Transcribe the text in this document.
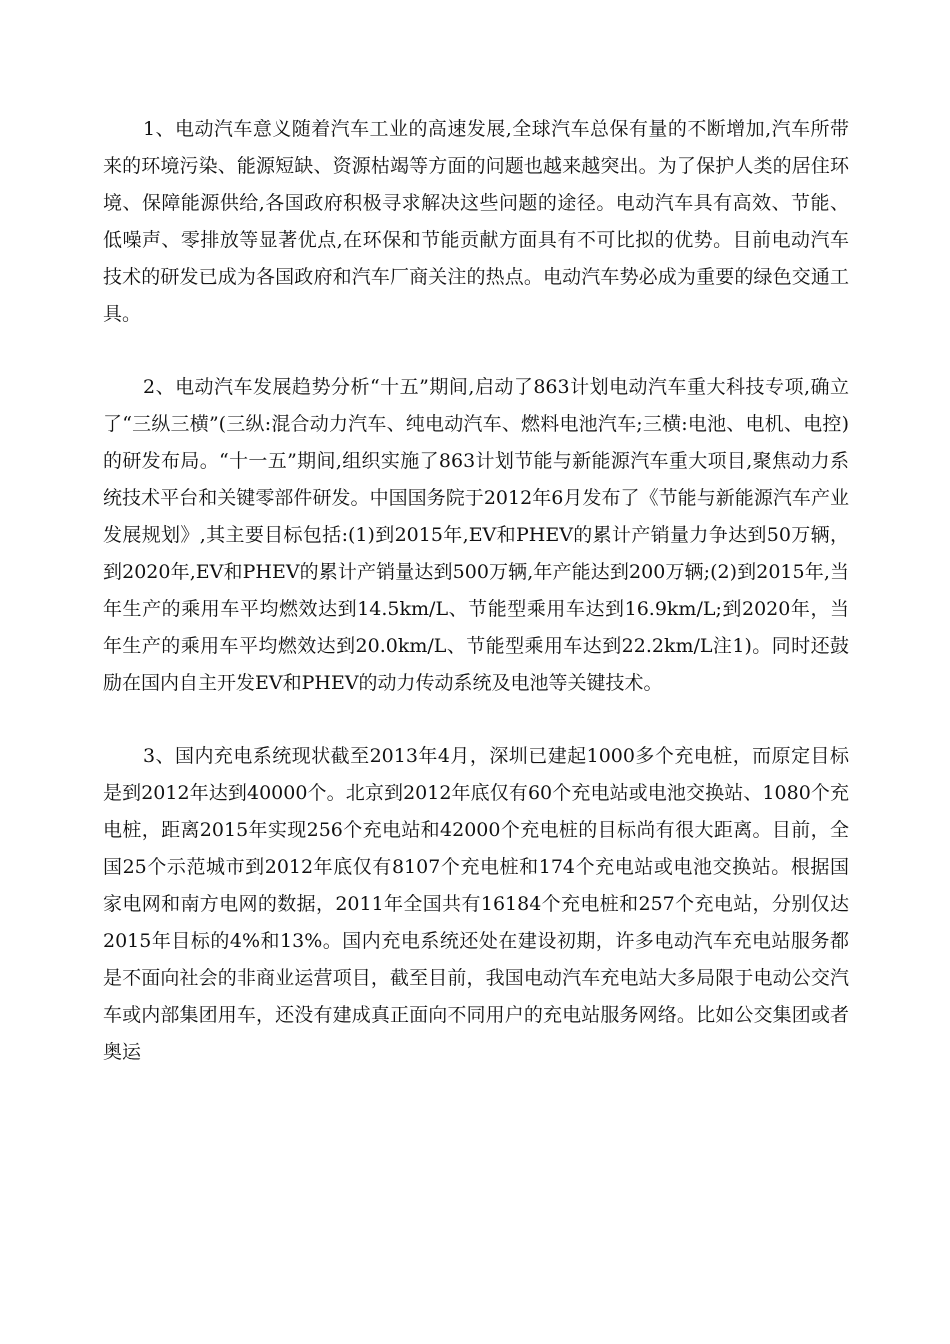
1、电动汽车意义随着汽车工业的高速发展,全球汽车总保有量的不断增加,汽车所带来的环境污染、能源短缺、资源枯竭等方面的问题也越来越突出。为了保护人类的居住环境、保障能源供给,各国政府积极寻求解决这些问题的途径。电动汽车具有高效、节能、低噪声、零排放等显著优点,在环保和节能贡献方面具有不可比拟的优势。目前电动汽车技术的研发已成为各国政府和汽车厂商关注的热点。电动汽车势必成为重要的绿色交通工具。

2、电动汽车发展趋势分析“十五”期间,启动了863计划电动汽车重大科技专项,确立了“三纵三横”(三纵:混合动力汽车、纯电动汽车、燃料电池汽车;三横:电池、电机、电控)的研发布局。“十一五”期间,组织实施了863计划节能与新能源汽车重大项目,聚焦动力系统技术平台和关键零部件研发。中国国务院于2012年6月发布了《节能与新能源汽车产业发展规划》,其主要目标包括:(1)到2015年,EV和PHEV的累计产销量力争达到50万辆，到2020年,EV和PHEV的累计产销量达到500万辆,年产能达到200万辆;(2)到2015年,当年生产的乘用车平均燃效达到14.5km/L、节能型乘用车达到16.9km/L;到2020年，当年生产的乘用车平均燃效达到20.0km/L、节能型乘用车达到22.2km/L注1)。同时还鼓励在国内自主开发EV和PHEV的动力传动系统及电池等关键技术。

3、国内充电系统现状截至2013年4月，深圳已建起1000多个充电桩，而原定目标是到2012年达到40000个。北京到2012年底仅有60个充电站或电池交换站、1080个充电桩，距离2015年实现256个充电站和42000个充电桩的目标尚有很大距离。目前，全国25个示范城市到2012年底仅有8107个充电桩和174个充电站或电池交换站。根据国家电网和南方电网的数据，2011年全国共有16184个充电桩和257个充电站，分别仅达2015年目标的4%和13%。国内充电系统还处在建设初期，许多电动汽车充电站服务都是不面向社会的非商业运营项目，截至目前，我国电动汽车充电站大多局限于电动公交汽车或内部集团用车，还没有建成真正面向不同用户的充电站服务网络。比如公交集团或者奥运
